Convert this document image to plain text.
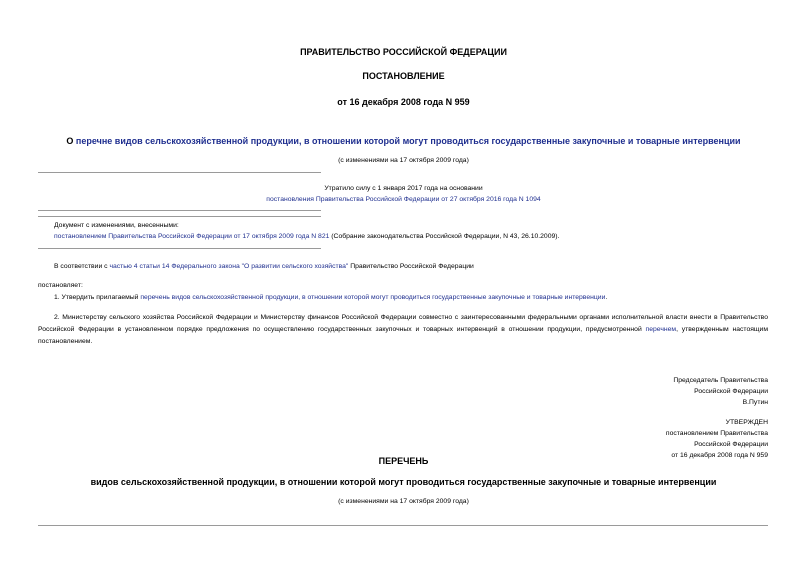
ПРАВИТЕЛЬСТВО РОССИЙСКОЙ ФЕДЕРАЦИИ
ПОСТАНОВЛЕНИЕ
от 16 декабря 2008 года N 959
О перечне видов сельскохозяйственной продукции, в отношении которой могут проводиться государственные закупочные и товарные интервенции
(с изменениями на 17 октября 2009 года)
Утратило силу с 1 января 2017 года на основании
постановления Правительства Российской Федерации от 27 октября 2016 года N 1094
Документ с изменениями, внесенными:
постановлением Правительства Российской Федерации от 17 октября 2009 года N 821 (Собрание законодательства Российской Федерации, N 43, 26.10.2009).
В соответствии с частью 4 статьи 14 Федерального закона "О развитии сельского хозяйства" Правительство Российской Федерации
постановляет:
1. Утвердить прилагаемый перечень видов сельскохозяйственной продукции, в отношении которой могут проводиться государственные закупочные и товарные интервенции.
2. Министерству сельского хозяйства Российской Федерации и Министерству финансов Российской Федерации совместно с заинтересованными федеральными органами исполнительной власти внести в Правительство Российской Федерации в установленном порядке предложения по осуществлению государственных закупочных и товарных интервенций в отношении продукции, предусмотренной перечнем, утвержденным настоящим постановлением.
Председатель Правительства
Российской Федерации
В.Путин
УТВЕРЖДЕН
постановлением Правительства
Российской Федерации
от 16 декабря 2008 года N 959
ПЕРЕЧЕНЬ
видов сельскохозяйственной продукции, в отношении которой могут проводиться государственные закупочные и товарные интервенции
(с изменениями на 17 октября 2009 года)
